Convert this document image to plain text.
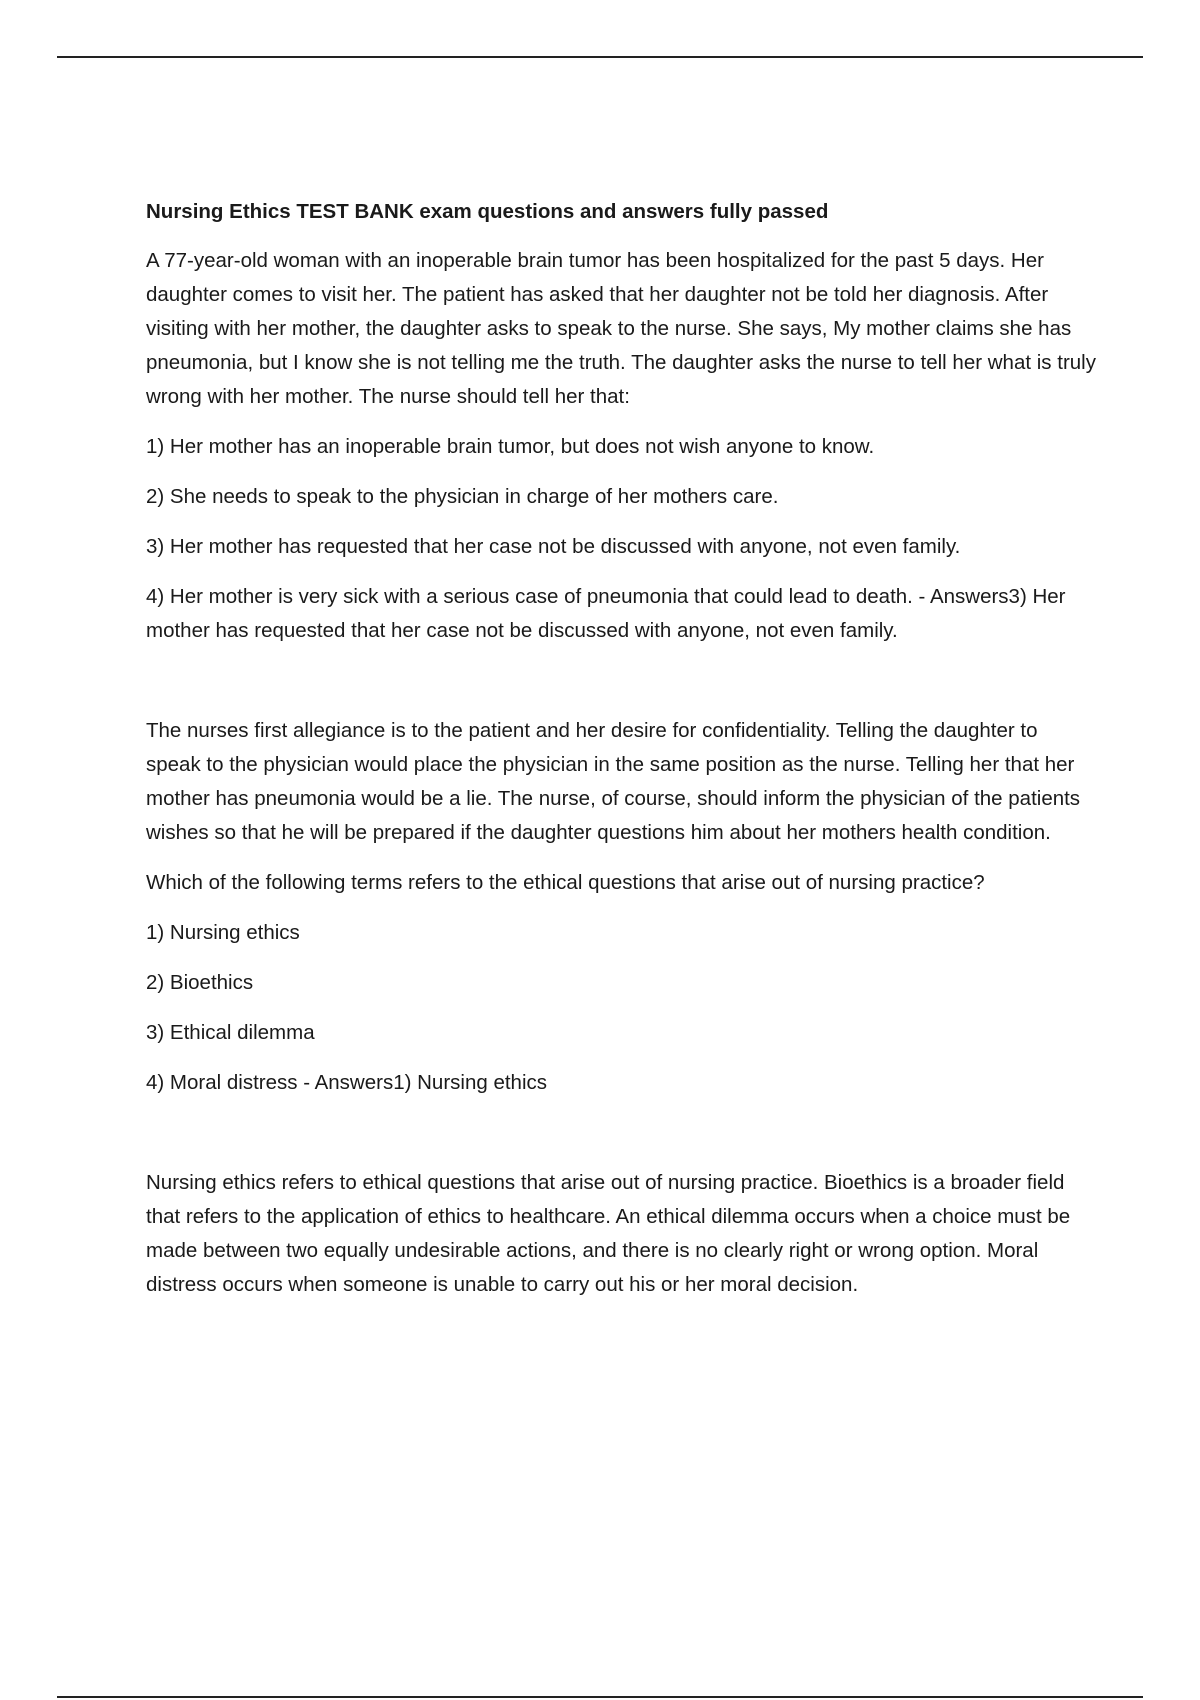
Nursing Ethics TEST BANK exam questions and answers fully passed

A 77-year-old woman with an inoperable brain tumor has been hospitalized for the past 5 days. Her daughter comes to visit her. The patient has asked that her daughter not be told her diagnosis. After visiting with her mother, the daughter asks to speak to the nurse. She says, My mother claims she has pneumonia, but I know she is not telling me the truth. The daughter asks the nurse to tell her what is truly wrong with her mother. The nurse should tell her that:

1) Her mother has an inoperable brain tumor, but does not wish anyone to know.

2) She needs to speak to the physician in charge of her mothers care.

3) Her mother has requested that her case not be discussed with anyone, not even family.

4) Her mother is very sick with a serious case of pneumonia that could lead to death. - Answers3) Her mother has requested that her case not be discussed with anyone, not even family.

The nurses first allegiance is to the patient and her desire for confidentiality. Telling the daughter to speak to the physician would place the physician in the same position as the nurse. Telling her that her mother has pneumonia would be a lie. The nurse, of course, should inform the physician of the patients wishes so that he will be prepared if the daughter questions him about her mothers health condition.

Which of the following terms refers to the ethical questions that arise out of nursing practice?

1) Nursing ethics

2) Bioethics

3) Ethical dilemma

4) Moral distress - Answers1) Nursing ethics

Nursing ethics refers to ethical questions that arise out of nursing practice. Bioethics is a broader field that refers to the application of ethics to healthcare. An ethical dilemma occurs when a choice must be made between two equally undesirable actions, and there is no clearly right or wrong option. Moral distress occurs when someone is unable to carry out his or her moral decision.
